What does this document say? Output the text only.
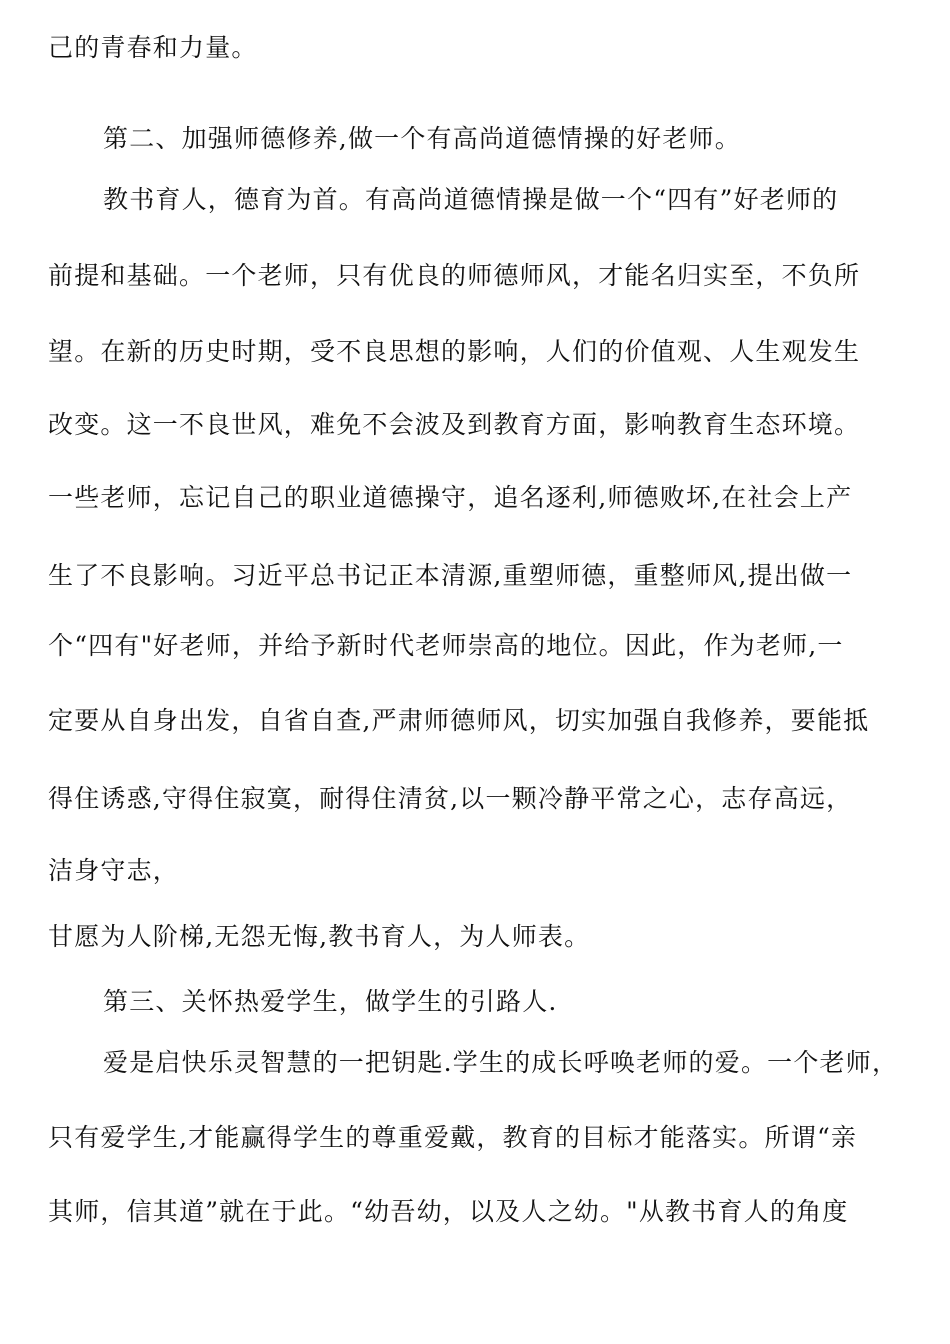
己的青春和力量。
第二、加强师德修养,做一个有高尚道德情操的好老师。
教书育人，德育为首。有高尚道德情操是做一个“四有”好老师的
前提和基础。一个老师，只有优良的师德师风，才能名归实至，不负所
望。在新的历史时期，受不良思想的影响，人们的价值观、人生观发生
改变。这一不良世风，难免不会波及到教育方面，影响教育生态环境。
一些老师，忘记自己的职业道德操守，追名逐利,师德败坏,在社会上产
生了不良影响。习近平总书记正本清源,重塑师德，重整师风,提出做一
个“四有"好老师，并给予新时代老师崇高的地位。因此，作为老师,一
定要从自身出发，自省自查,严肃师德师风，切实加强自我修养，要能抵
得住诱惑,守得住寂寞，耐得住清贫,以一颗冷静平常之心，志存高远，
洁身守志，
甘愿为人阶梯,无怨无悔,教书育人，为人师表。
第三、关怀热爱学生，做学生的引路人.
爱是启快乐灵智慧的一把钥匙.学生的成长呼唤老师的爱。一个老师，
只有爱学生,才能赢得学生的尊重爱戴，教育的目标才能落实。所谓“亲
其师，信其道”就在于此。“幼吾幼，以及人之幼。"从教书育人的角度
